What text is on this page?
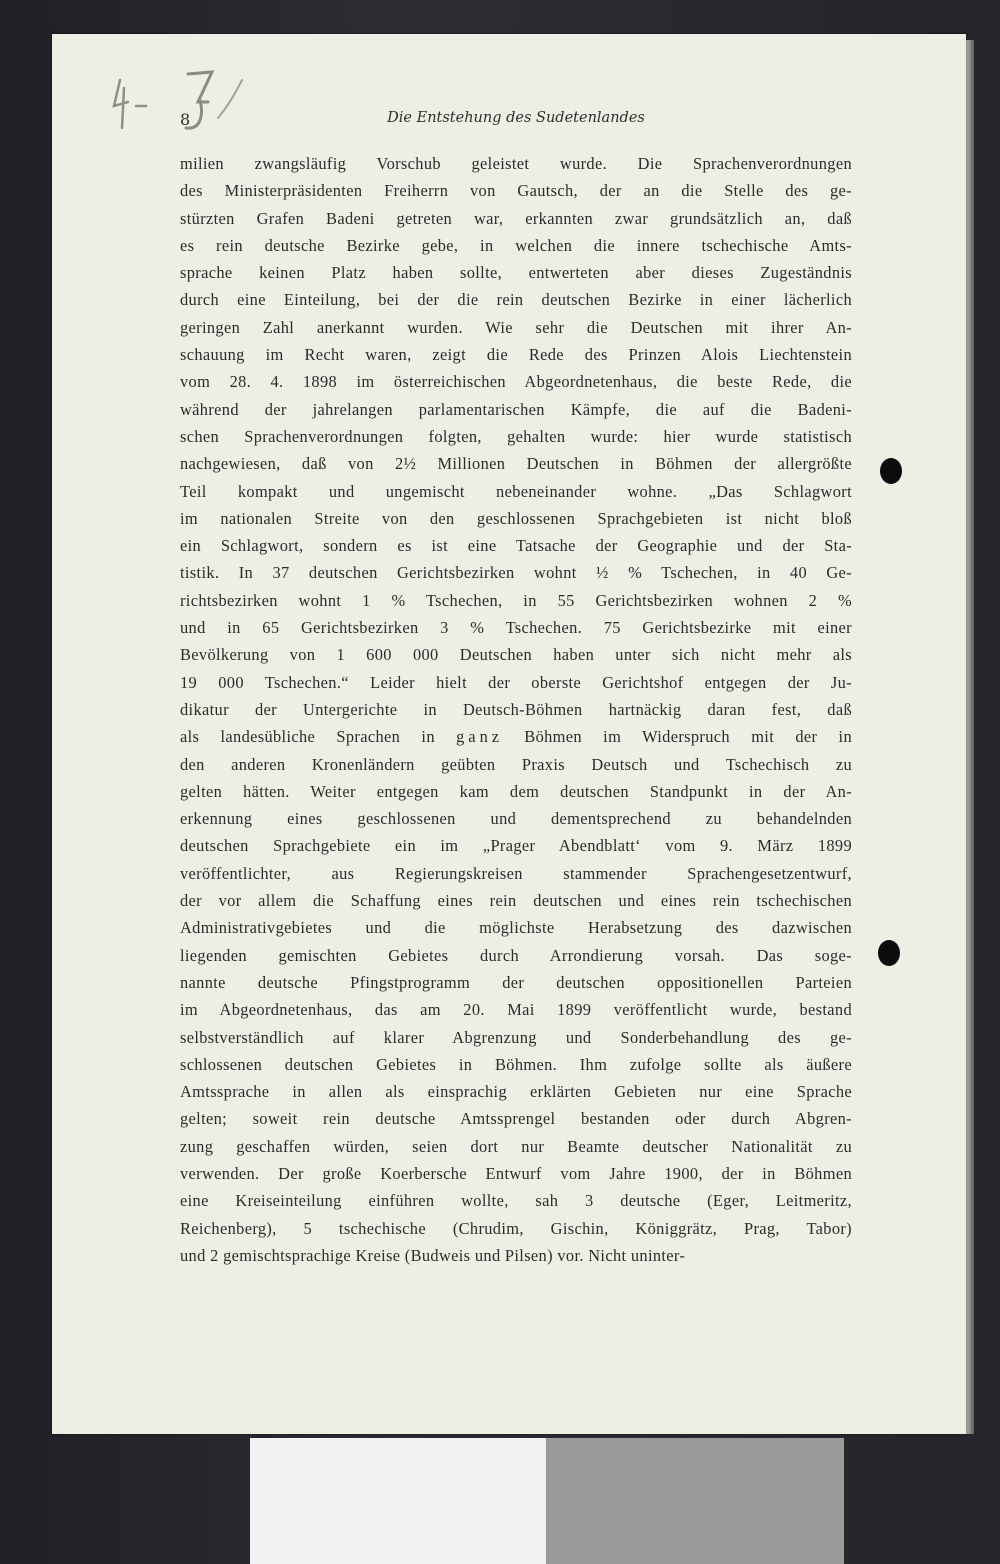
8	Die Entstehung des Sudetenlandes
milien zwangsläufig Vorschub geleistet wurde. Die Sprachenverordnungen
des Ministerpräsidenten Freiherrn von Gautsch, der an die Stelle des ge-
stürzten Grafen Badeni getreten war, erkannten zwar grundsätzlich an, daß
es rein deutsche Bezirke gebe, in welchen die innere tschechische Amts-
sprache keinen Platz haben sollte, entwerteten aber dieses Zugeständnis
durch eine Einteilung, bei der die rein deutschen Bezirke in einer lächerlich
geringen Zahl anerkannt wurden. Wie sehr die Deutschen mit ihrer An-
schauung im Recht waren, zeigt die Rede des Prinzen Alois Liechtenstein
vom 28. 4. 1898 im österreichischen Abgeordnetenhaus, die beste Rede, die
während der jahrelangen parlamentarischen Kämpfe, die auf die Badeni-
schen Sprachenverordnungen folgten, gehalten wurde: hier wurde statistisch
nachgewiesen, daß von 2½ Millionen Deutschen in Böhmen der allergrößte
Teil kompakt und ungemischt nebeneinander wohne. „Das Schlagwort
im nationalen Streite von den geschlossenen Sprachgebieten ist nicht bloß
ein Schlagwort, sondern es ist eine Tatsache der Geographie und der Sta-
tistik. In 37 deutschen Gerichtsbezirken wohnt ½ % Tschechen, in 40 Ge-
richtsbezirken wohnt 1 % Tschechen, in 55 Gerichtsbezirken wohnen 2 %
und in 65 Gerichtsbezirken 3 % Tschechen. 75 Gerichtsbezirke mit einer
Bevölkerung von 1 600 000 Deutschen haben unter sich nicht mehr als
19 000 Tschechen.“ Leider hielt der oberste Gerichtshof entgegen der Ju-
dikatur der Untergerichte in Deutsch-Böhmen hartnäckig daran fest, daß
als landesübliche Sprachen in ganz Böhmen im Widerspruch mit der in
den anderen Kronenländern geübten Praxis Deutsch und Tschechisch zu
gelten hätten. Weiter entgegen kam dem deutschen Standpunkt in der An-
erkennung eines geschlossenen und dementsprechend zu behandelnden
deutschen Sprachgebiete ein im „Prager Abendblatt‘ vom 9. März 1899
veröffentlichter, aus Regierungskreisen stammender Sprachengesetzentwurf,
der vor allem die Schaffung eines rein deutschen und eines rein tschechischen
Administrativgebietes und die möglichste Herabsetzung des dazwischen
liegenden gemischten Gebietes durch Arrondierung vorsah. Das soge-
nannte deutsche Pfingstprogramm der deutschen oppositionellen Parteien
im Abgeordnetenhaus, das am 20. Mai 1899 veröffentlicht wurde, bestand
selbstverständlich auf klarer Abgrenzung und Sonderbehandlung des ge-
schlossenen deutschen Gebietes in Böhmen. Ihm zufolge sollte als äußere
Amtssprache in allen als einsprachig erklärten Gebieten nur eine Sprache
gelten; soweit rein deutsche Amtssprengel bestanden oder durch Abgren-
zung geschaffen würden, seien dort nur Beamte deutscher Nationalität zu
verwenden. Der große Koerbersche Entwurf vom Jahre 1900, der in Böhmen
eine Kreiseinteilung einführen wollte, sah 3 deutsche (Eger, Leitmeritz,
Reichenberg), 5 tschechische (Chrudim, Gischin, Königgrätz, Prag, Tabor)
und 2 gemischtsprachige Kreise (Budweis und Pilsen) vor. Nicht uninter-
